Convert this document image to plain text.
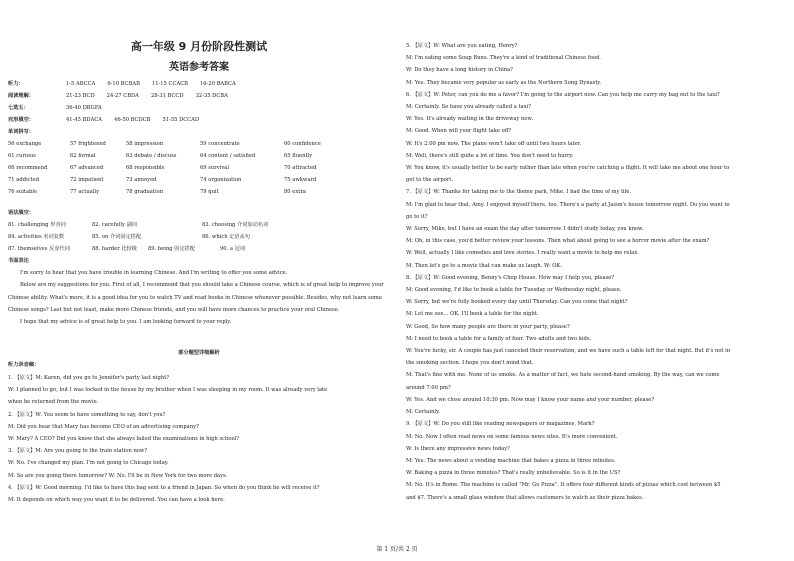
高一年级 9 月份阶段性测试
英语参考答案
听力：	1-5 ABCCA 6-10 BCBAB 11-15 CCACB 16-20 BABCA
阅读理解：	21-23 BCD 24-27 CBDA 28-31 BCCD 32-35 DCBA
七选五：	36-40 DBGFA
完形填空：	41-45 BDACA 46-50 BCDCB 51-55 DCCAD
单词拼写：
56 exchange	57 frightened	58 impression	59 concentrate	60 confidence
61 curious	62 formal	63 debate / discuss	64 content / satisfied	65 fluently
66 recommend	67 advanced	68 responsible	69 survival	70 attracted
71 addicted	72 impatient	73 annoyed	74 organization	75 awkward
76 suitable	77 actually	78 graduation	79 quit	80 extra
语法填空：
81. challenging 形容词	82. carefully 副词	83. choosing 介词加动名词
84. activities 名词复数	85. on 介词固定搭配	86. which 定语从句
87. themselves 反身代词	88. harder 比较级 89. being 固定搭配	90. a 冠词
书面表达

I'm sorry to hear that you have trouble in learning Chinese. And I'm writing to offer you some advice.

Below are my suggestions for you. First of all, I recommend that you should take a Chinese course, which is of great help to improve your Chinese ability. What's more, it is a good idea for you to watch TV and read books in Chinese whenever possible. Besides, why not learn some Chinese songs? Last but not least, make more Chinese friends, and you will have more chances to practice your oral Chinese.

I hope that my advice is of great help to you. I am looking forward to your reply.

部分题型详细解析
听力录音稿：
1. 【原文】M: Karen, did you go to Jennifer's party last night?
W: I planned to go, but I was locked in the house by my brother when I was sleeping in my room. It was already very late
when he returned from the movie.
2. 【原文】W: You seem to have something to say, don't you?
M: Did you hear that Mary has become CEO of an advertising company?
W: Mary? A CEO? Did you know that she always failed the examinations in high school?
3. 【原文】M: Are you going to the train station now?
W: No. I've changed my plan. I'm not going to Chicago today.
M: So are you going there tomorrow? W: No. I'll be in New York for two more days.
4. 【原文】W: Good morning. I'd like to have this bag sent to a friend in Japan. So when do you think he will receive it?
M: It depends on which way you want it to be delivered. You can have a look here.
5. 【原文】W: What are you eating, Henry?
M: I'm eating some Soup Buns. They're a kind of traditional Chinese food.
W: Do they have a long history in China?
M: Yes. They became very popular as early as the Northern Song Dynasty.
6. 【原文】W: Peter, can you do me a favor? I'm going to the airport now. Can you help me carry my bag out to the taxi?
M: Certainly. So have you already called a taxi?
W: Yes. It's already waiting in the driveway now.
M: Good. When will your flight take off?
W: It's 2:00 pm now. The plane won't take off until two hours later.
M: Well, there's still quite a lot of time. You don't need to hurry.
W: You know, it's usually better to be early rather than late when you're catching a flight. It will take me about one hour to
get to the airport.
7. 【原文】W: Thanks for taking me to the theme park, Mike. I had the time of my life.
M: I'm glad to hear that, Amy. I enjoyed myself there, too. There's a party at Jason's house tomorrow night. Do you want to
go to it?
W: Sorry, Mike, but I have an exam the day after tomorrow. I didn't study today, you know.
M: Oh, in this case, you'd better review your lessons. Then what about going to see a horror movie after the exam?
W: Well, actually I like comedies and love stories. I really want a movie to help me relax.
M: Then let's go to a movie that can make us laugh. W: OK.
8. 【原文】W: Good evening, Benny's Chop House. How may I help you, please?
M: Good evening, I'd like to book a table for Tuesday or Wednesday night, please.
W: Sorry, but we're fully booked every day until Thursday. Can you come that night?
M: Let me see... OK, I'll book a table for the night.
W: Good, So how many people are there in your party, please?
M: I need to book a table for a family of four. Two adults and two kids.
W: You're lucky, sir. A couple has just canceled their reservation, and we have such a table left for that night. But it's not in
the smoking section. I hope you don't mind that.
M: That's fine with me. None of us smoke. As a matter of fact, we hate second-hand smoking. By the way, can we come
around 7:00 pm?
W: Yes. And we close around 10:30 pm. Now may I know your name and your number, please?
M: Certainly.
9. 【原文】W: Do you still like reading newspapers or magazines, Mark?
M: No. Now I often read news on some famous news sites. It's more convenient.
W: Is there any impressive news today?
M: Yes. The news about a vending machine that bakes a pizza in three minutes.
W: Baking a pizza in three minutes? That's really unbelievable. So is it in the US?
M: No. It's in Rome. The machine is called "Mr. Go Pizza". It offers four different kinds of pizzas which cost between $5
and $7. There's a small glass window that allows customers to watch as their pizza bakes.
第 1 页/共 2 页
